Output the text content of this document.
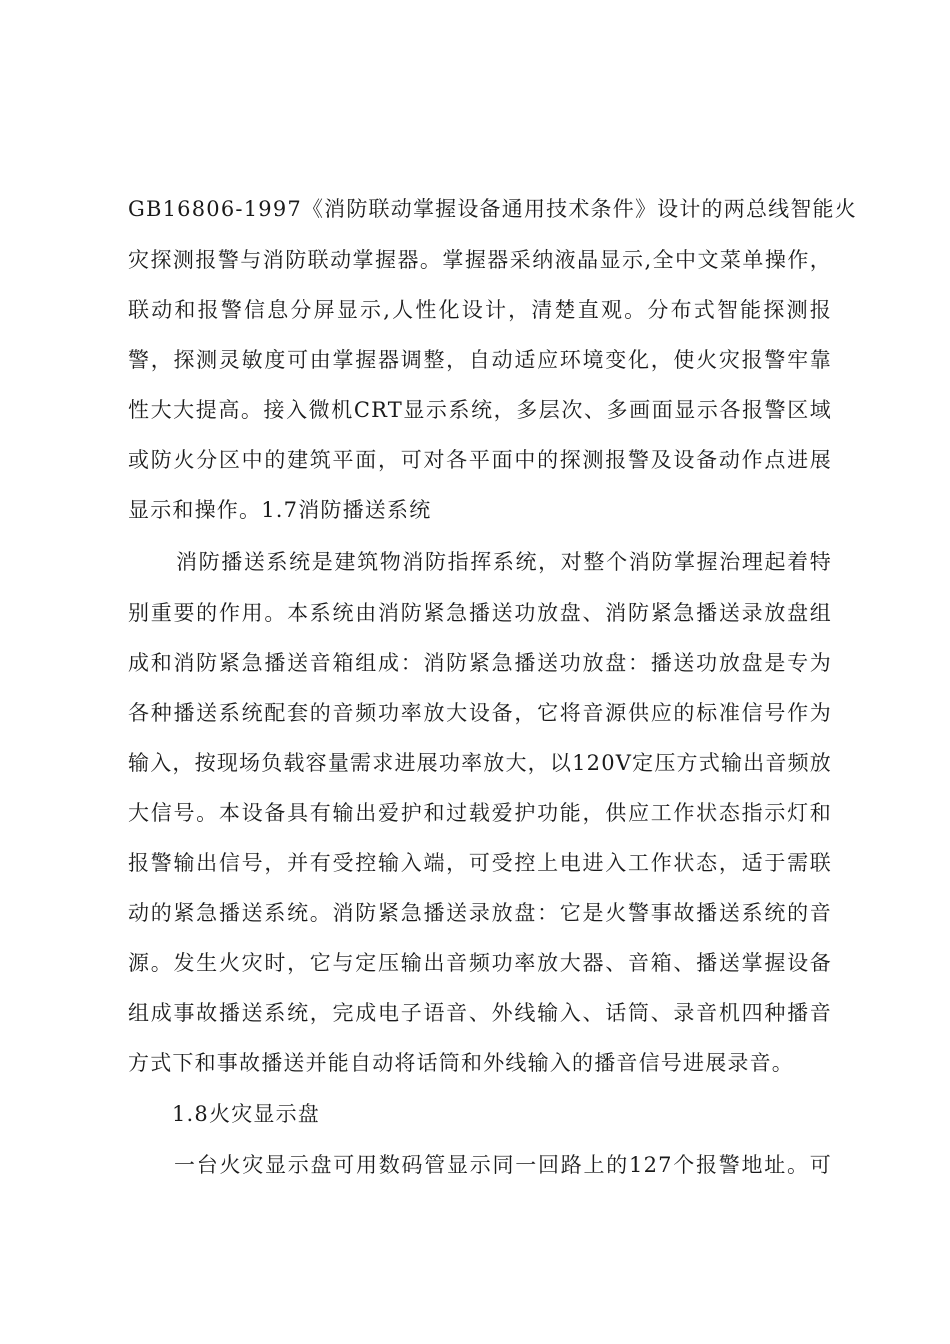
GB16806-1997《消防联动掌握设备通用技术条件》设计的两总线智能火
灾探测报警与消防联动掌握器。掌握器采纳液晶显示,全中文菜单操作，
联动和报警信息分屏显示,人性化设计，清楚直观。分布式智能探测报
警，探测灵敏度可由掌握器调整，自动适应环境变化，使火灾报警牢靠
性大大提高。接入微机CRT显示系统，多层次、多画面显示各报警区域
或防火分区中的建筑平面，可对各平面中的探测报警及设备动作点进展
显示和操作。1.7消防播送系统
消防播送系统是建筑物消防指挥系统，对整个消防掌握治理起着特
别重要的作用。本系统由消防紧急播送功放盘、消防紧急播送录放盘组
成和消防紧急播送音箱组成：消防紧急播送功放盘：播送功放盘是专为
各种播送系统配套的音频功率放大设备，它将音源供应的标准信号作为
输入，按现场负载容量需求进展功率放大，以120V定压方式输出音频放
大信号。本设备具有输出爱护和过载爱护功能，供应工作状态指示灯和
报警输出信号，并有受控输入端，可受控上电进入工作状态，适于需联
动的紧急播送系统。消防紧急播送录放盘：它是火警事故播送系统的音
源。发生火灾时，它与定压输出音频功率放大器、音箱、播送掌握设备
组成事故播送系统，完成电子语音、外线输入、话筒、录音机四种播音
方式下和事故播送并能自动将话筒和外线输入的播音信号进展录音。
1.8火灾显示盘
一台火灾显示盘可用数码管显示同一回路上的127个报警地址。可
